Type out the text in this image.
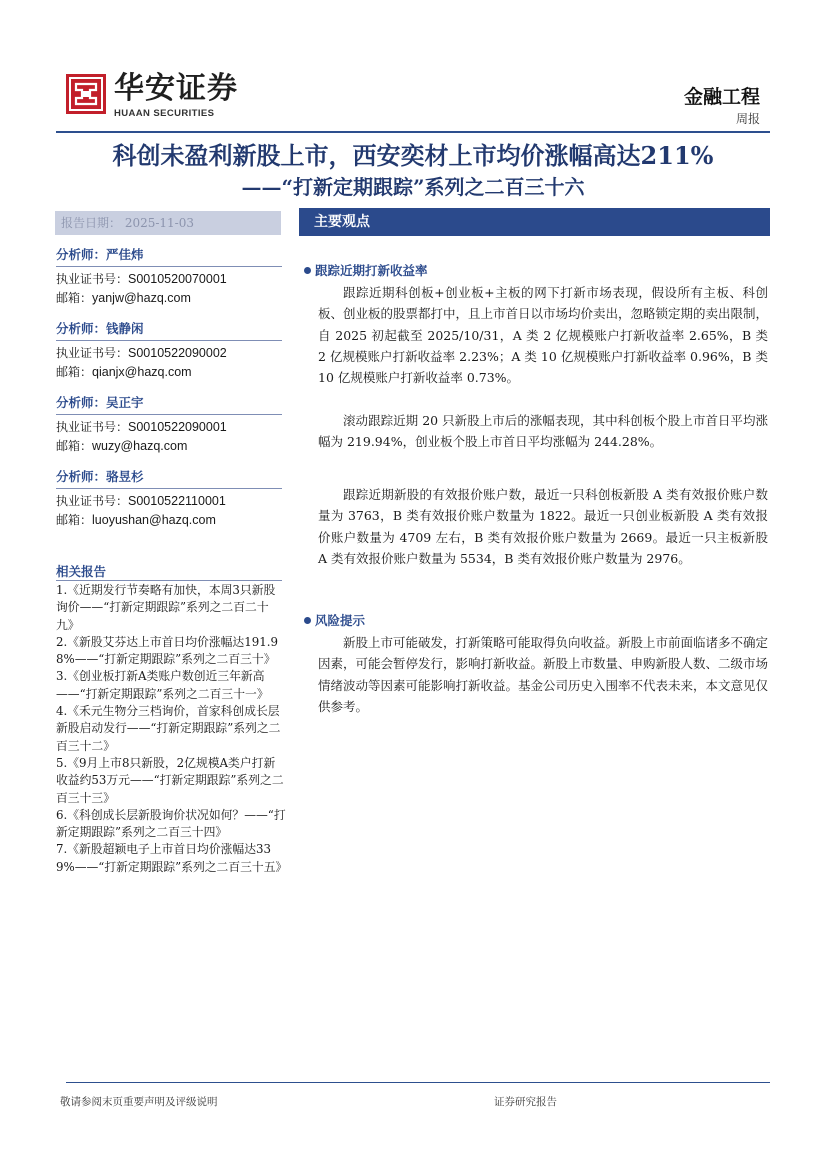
华安证券
HUAAN SECURITIES
金融工程
周报
科创未盈利新股上市，西安奕材上市均价涨幅高达211%
——“打新定期跟踪”系列之二百三十六
报告日期： 2025-11-03
分析师：严佳炜
执业证书号：S0010520070001
邮箱：yanjw@hazq.com
分析师：钱静闲
执业证书号：S0010522090002
邮箱：qianjx@hazq.com
分析师：吴正宇
执业证书号：S0010522090001
邮箱：wuzy@hazq.com
分析师：骆昱杉
执业证书号：S0010522110001
邮箱：luoyushan@hazq.com
相关报告
1.《近期发行节奏略有加快，本周3只新股询价——“打新定期跟踪”系列之二百二十九》
2.《新股艾芬达上市首日均价涨幅达191.98%——“打新定期跟踪”系列之二百三十》
3.《创业板打新A类账户数创近三年新高——“打新定期跟踪”系列之二百三十一》
4.《禾元生物分三档询价，首家科创成长层新股启动发行——“打新定期跟踪”系列之二百三十二》
5.《9月上市8只新股，2亿规模A类户打新收益约53万元——“打新定期跟踪”系列之二百三十三》
6.《科创成长层新股询价状况如何？——“打新定期跟踪”系列之二百三十四》
7.《新股超颖电子上市首日均价涨幅达339%——“打新定期跟踪”系列之二百三十五》
主要观点
跟踪近期打新收益率

跟踪近期科创板+创业板+主板的网下打新市场表现，假设所有主板、科创板、创业板的股票都打中，且上市首日以市场均价卖出，忽略锁定期的卖出限制，自 2025 初起截至 2025/10/31，A 类 2 亿规模账户打新收益率 2.65%，B 类 2 亿规模账户打新收益率 2.23%；A 类 10 亿规模账户打新收益率 0.96%，B 类 10 亿规模账户打新收益率 0.73%。

滚动跟踪近期 20 只新股上市后的涨幅表现，其中科创板个股上市首日平均涨幅为 219.94%，创业板个股上市首日平均涨幅为 244.28%。

跟踪近期新股的有效报价账户数，最近一只科创板新股 A 类有效报价账户数量为 3763，B 类有效报价账户数量为 1822。最近一只创业板新股 A 类有效报价账户数量为 4709 左右，B 类有效报价账户数量为 2669。最近一只主板新股 A 类有效报价账户数量为 5534，B 类有效报价账户数量为 2976。

风险提示

新股上市可能破发，打新策略可能取得负向收益。新股上市前面临诸多不确定因素，可能会暂停发行，影响打新收益。新股上市数量、申购新股人数、二级市场情绪波动等因素可能影响打新收益。基金公司历史入围率不代表未来，本文意见仅供参考。

敬请参阅末页重要声明及评级说明	证券研究报告
